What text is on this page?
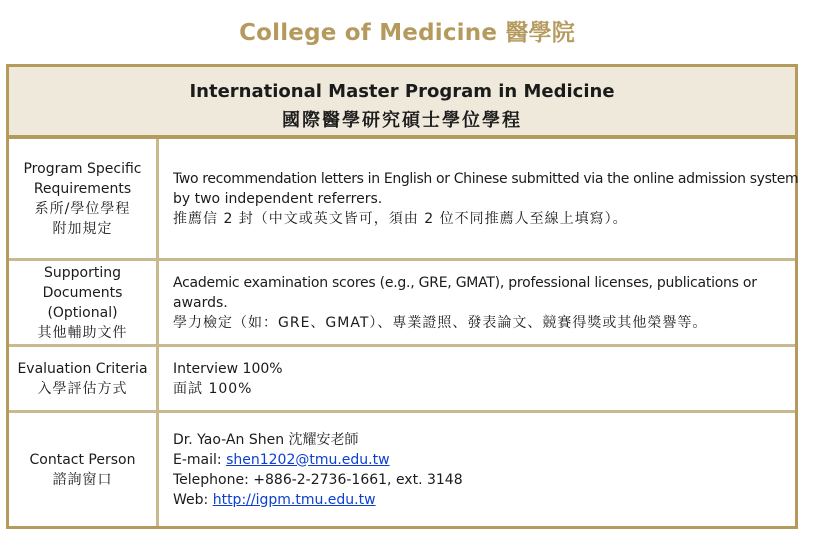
College of Medicine 醫學院
International Master Program in Medicine
國際醫學研究碩士學位學程
Program Specific
Requirements
系所/學位學程
附加規定
Two recommendation letters in English or Chinese submitted via the online admission system
by two independent referrers.
推薦信 2 封（中文或英文皆可，須由 2 位不同推薦人至線上填寫）。
Supporting
Documents
(Optional)
其他輔助文件
Academic examination scores (e.g., GRE, GMAT), professional licenses, publications or
awards.
學力檢定（如：GRE、GMAT）、專業證照、發表論文、競賽得獎或其他榮譽等。
Evaluation Criteria
入學評估方式
Interview 100%
面試 100%
Contact Person
諮詢窗口
Dr. Yao-An Shen 沈耀安老師
E-mail: shen1202@tmu.edu.tw
Telephone: +886-2-2736-1661, ext. 3148
Web: http://igpm.tmu.edu.tw
